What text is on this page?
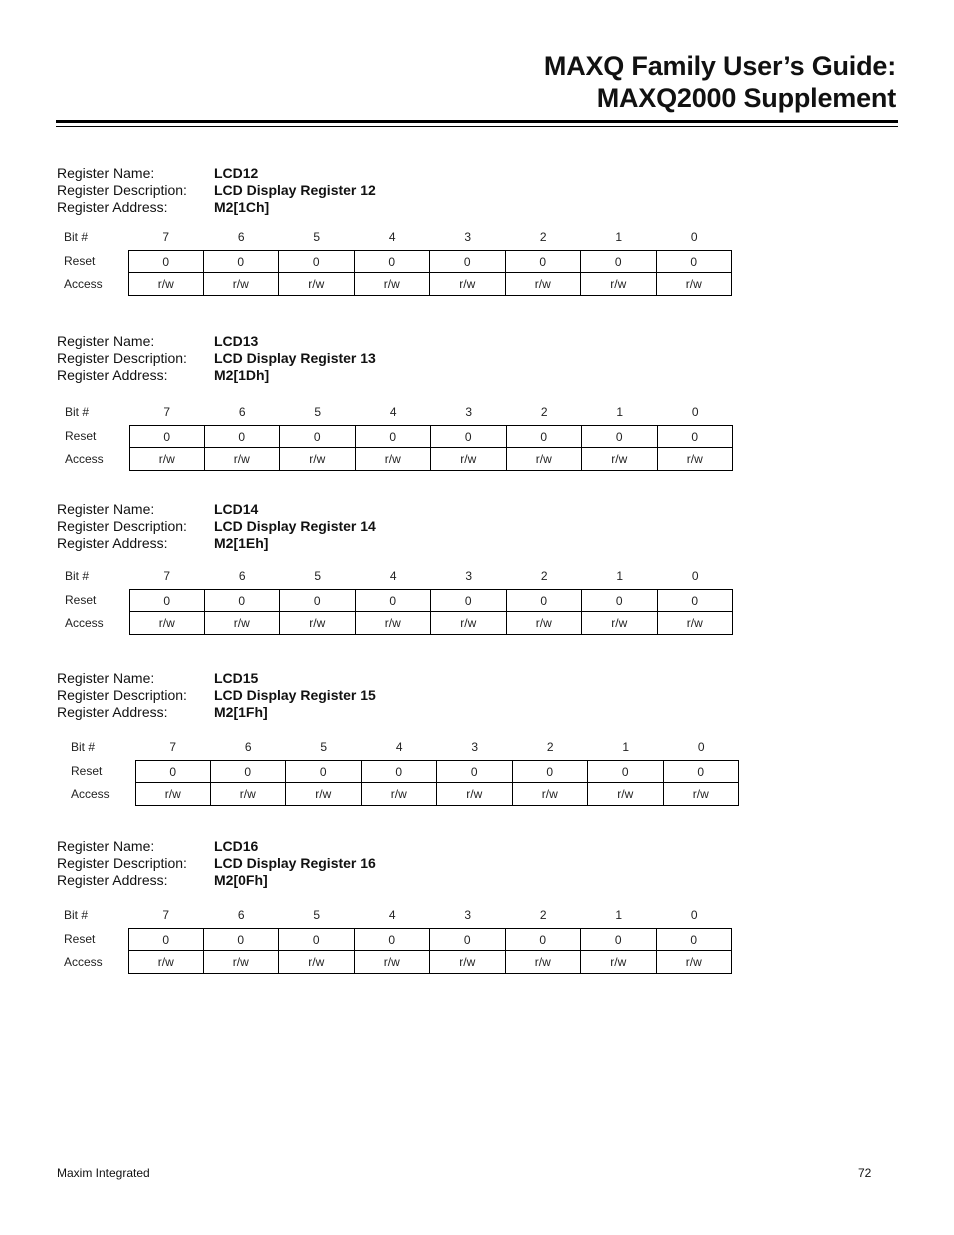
MAXQ Family User’s Guide:
MAXQ2000 Supplement
Register Name:	LCD12
Register Description: LCD Display Register 12
Register Address:	M2[1Ch]
Bit #	7	6	5	4	3	2	1	0
Reset	0	0	0	0	0	0	0	0
Access	r/w	r/w	r/w	r/w	r/w	r/w	r/w	r/w
Register Name:	LCD13
Register Description: LCD Display Register 13
Register Address:	M2[1Dh]
Bit #	7	6	5	4	3	2	1	0
Reset	0	0	0	0	0	0	0	0
Access	r/w	r/w	r/w	r/w	r/w	r/w	r/w	r/w
Register Name:	LCD14
Register Description: LCD Display Register 14
Register Address:	M2[1Eh]
Bit #	7	6	5	4	3	2	1	0
Reset	0	0	0	0	0	0	0	0
Access	r/w	r/w	r/w	r/w	r/w	r/w	r/w	r/w
Register Name:	LCD15
Register Description: LCD Display Register 15
Register Address:	M2[1Fh]
Bit #	7	6	5	4	3	2	1	0
Reset	0	0	0	0	0	0	0	0
Access	r/w	r/w	r/w	r/w	r/w	r/w	r/w	r/w
Register Name:	LCD16
Register Description: LCD Display Register 16
Register Address:	M2[0Fh]
Bit #	7	6	5	4	3	2	1	0
Reset	0	0	0	0	0	0	0	0
Access	r/w	r/w	r/w	r/w	r/w	r/w	r/w	r/w
Maxim Integrated	72
